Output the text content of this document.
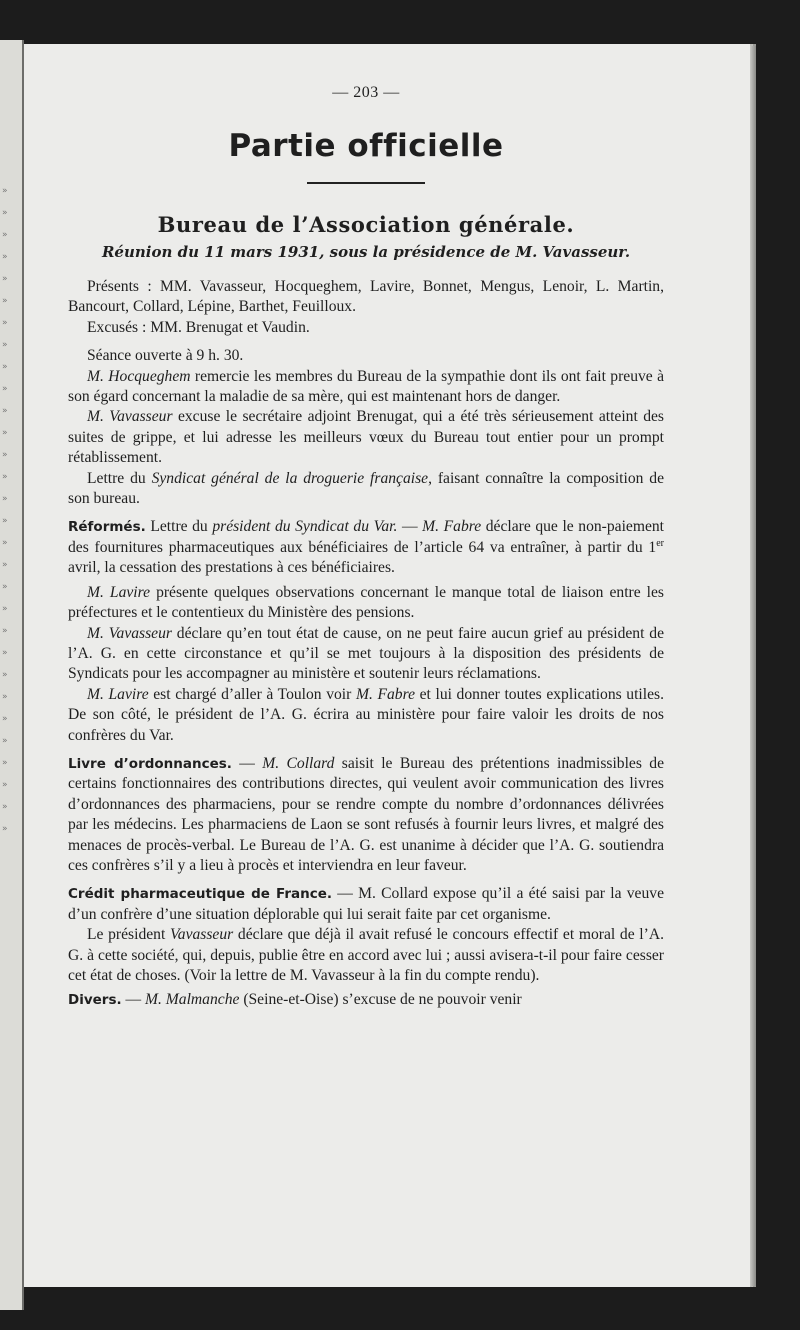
»
»
»
»
»
»
»
»
»
»
»
»
»
»
»
»
»
»
»
»
»
»
»
»
»
»
»
»
»
»
— 203 —
Partie officielle
Bureau de l’Association générale.
Réunion du 11 mars 1931, sous la présidence de M. Vavasseur.

Présents : MM. Vavasseur, Hocqueghem, Lavire, Bonnet, Mengus, Lenoir, L. Martin, Bancourt, Collard, Lépine, Barthet, Feuilloux.

Excusés : MM. Brenugat et Vaudin.

Séance ouverte à 9 h. 30.

M. Hocqueghem remercie les membres du Bureau de la sympathie dont ils ont fait preuve à son égard concernant la maladie de sa mère, qui est maintenant hors de danger.

M. Vavasseur excuse le secrétaire adjoint Brenugat, qui a été très sérieusement atteint des suites de grippe, et lui adresse les meilleurs vœux du Bureau tout entier pour un prompt rétablissement.

Lettre du Syndicat général de la droguerie française, faisant connaître la composition de son bureau.

Réformés. Lettre du président du Syndicat du Var. — M. Fabre déclare que le non-paiement des fournitures pharmaceutiques aux bénéficiaires de l’article 64 va entraîner, à partir du 1er avril, la cessation des prestations à ces bénéficiaires.

M. Lavire présente quelques observations concernant le manque total de liaison entre les préfectures et le contentieux du Ministère des pensions.

M. Vavasseur déclare qu’en tout état de cause, on ne peut faire aucun grief au président de l’A. G. en cette circonstance et qu’il se met toujours à la disposition des présidents de Syndicats pour les accompagner au ministère et soutenir leurs réclamations.

M. Lavire est chargé d’aller à Toulon voir M. Fabre et lui donner toutes explications utiles. De son côté, le président de l’A. G. écrira au ministère pour faire valoir les droits de nos confrères du Var.

Livre d’ordonnances. — M. Collard saisit le Bureau des prétentions inadmissibles de certains fonctionnaires des contributions directes, qui veulent avoir communication des livres d’ordonnances des pharmaciens, pour se rendre compte du nombre d’ordonnances délivrées par les médecins. Les pharmaciens de Laon se sont refusés à fournir leurs livres, et malgré des menaces de procès-verbal. Le Bureau de l’A. G. est unanime à décider que l’A. G. soutiendra ces confrères s’il y a lieu à procès et interviendra en leur faveur.

Crédit pharmaceutique de France. — M. Collard expose qu’il a été saisi par la veuve d’un confrère d’une situation déplorable qui lui serait faite par cet organisme.

Le président Vavasseur déclare que déjà il avait refusé le concours effectif et moral de l’A. G. à cette société, qui, depuis, publie être en accord avec lui ; aussi avisera-t-il pour faire cesser cet état de choses. (Voir la lettre de M. Vavasseur à la fin du compte rendu).

Divers. — M. Malmanche (Seine-et-Oise) s’excuse de ne pouvoir venir
